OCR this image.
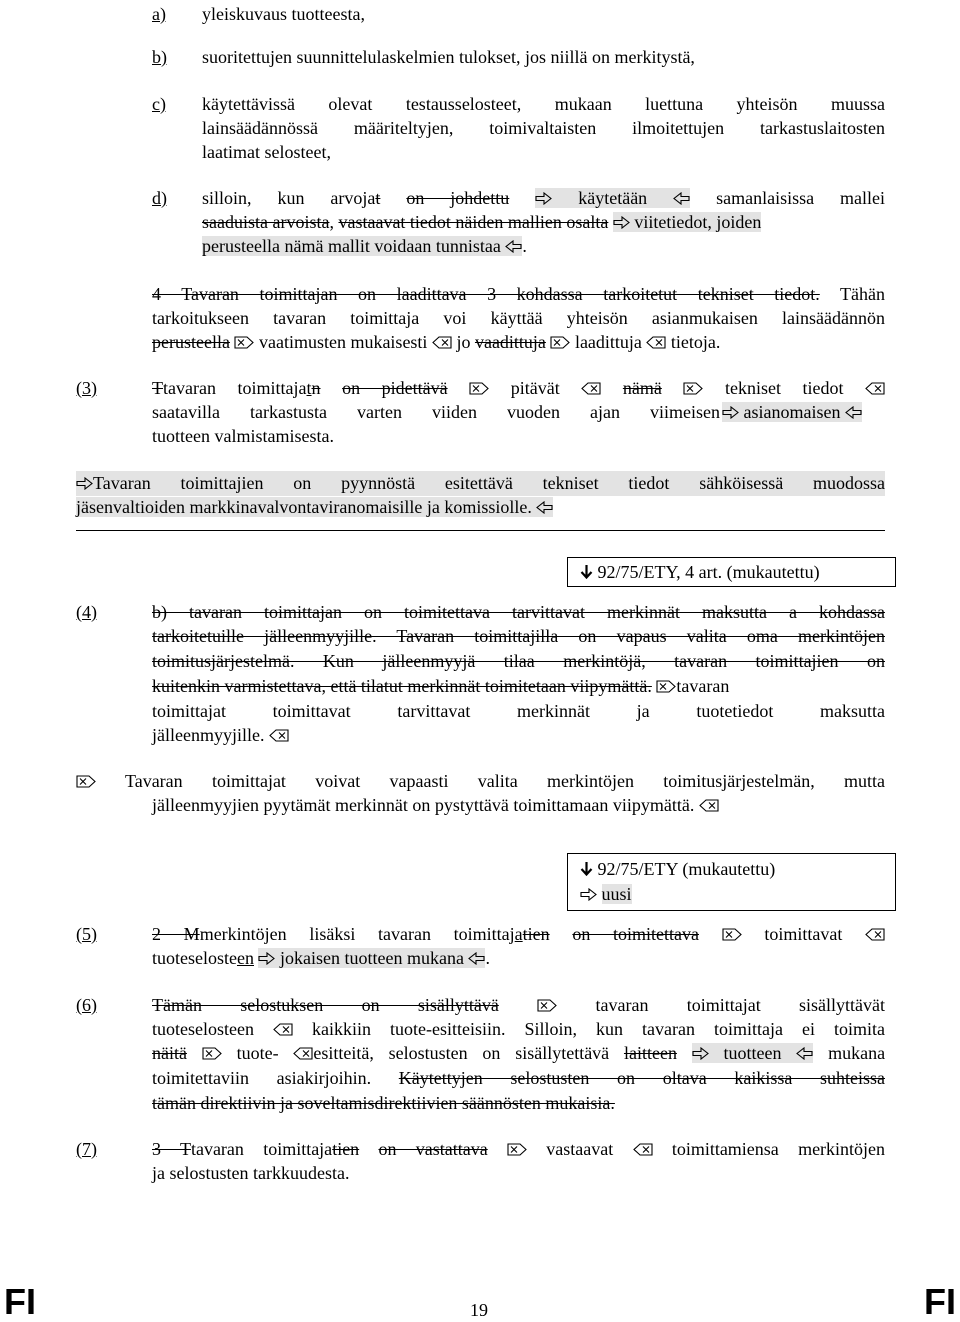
a) yleiskuvaus tuotteesta,
b) suoritettujen suunnittelulaskelmien tulokset, jos niillä on merkitystä,
c) käytettävissä olevat testausselosteet, mukaan luettuna yhteisön muussa
lainsäädännössä määriteltyjen, toimivaltaisten ilmoitettujen tarkastuslaitosten
laatimat selosteet,
d) silloin, kun arvojat on johdettu	käytetään	samanlaisissa mallei
saaduista arvoista, vastaavat tiedot näiden mallien osalta viitetiedot, joiden
perusteella nämä mallit voidaan tunnistaa .
4 Tavaran toimittajan on laadittava 3 kohdassa tarkoitetut tekniset tiedot. Tähän
tarkoitukseen tavaran toimittaja voi käyttää yhteisön asianmukaisen lainsäädännön
perusteella vaatimusten mukaisesti jo vaadittuja laadittuja tietoja.
(3)	Ttavaran toimittajatn on pidettävä	pitävät	nämä	tekniset tiedot
saatavilla tarkastusta varten viiden vuoden ajan viimeisen	asianomaisen
tuotteen valmistamisesta.
Tavaran toimittajien on pyynnöstä esitettävä tekniset tiedot sähköisessä muodossa
jäsenvaltioiden markkinavalvontaviranomaisille ja komissiolle.
92/75/ETY, 4 art. (mukautettu)
(4)	b) tavaran toimittajan on toimitettava tarvittavat merkinnät maksutta a kohdassa
tarkoitetuille jälleenmyyjille. Tavaran toimittajilla on vapaus valita oma merkintöjen
toimitusjärjestelmä. Kun jälleenmyyjä tilaa merkintöjä, tavaran toimittajien on
kuitenkin varmistettava, että tilatut merkinnät toimitetaan viipymättä. tavaran
toimittajat toimittavat tarvittavat merkinnät ja tuotetiedot maksutta
jälleenmyyjille.
Tavaran toimittajat voivat vapaasti valita merkintöjen toimitusjärjestelmän, mutta
jälleenmyyjien pyytämät merkinnät on pystyttävä toimittamaan viipymättä.
92/75/ETY (mukautettu)
uusi
(5)	2 Mmerkintöjen lisäksi tavaran toimittajatien on toimitettava	toimittavat
tuoteselosteen jokaisen tuotteen mukana .
(6)	Tämän selostuksen on sisällyttävä	tavaran toimittajat sisällyttävät
tuoteselosteen	kaikkiin tuote-esitteisiin. Silloin, kun tavaran toimittaja ei toimita
näitä	tuote- esitteitä, selostusten on sisällytettävä laitteen	tuotteen	mukana
toimitettaviin asiakirjoihin. Käytettyjen selostusten on oltava kaikissa suhteissa
tämän direktiivin ja soveltamisdirektiivien säännösten mukaisia.
(7)	3 Ttavaran toimittajatien on vastattava	vastaavat	toimittamiensa merkintöjen
ja selostusten tarkkuudesta.
FI	19	FI
